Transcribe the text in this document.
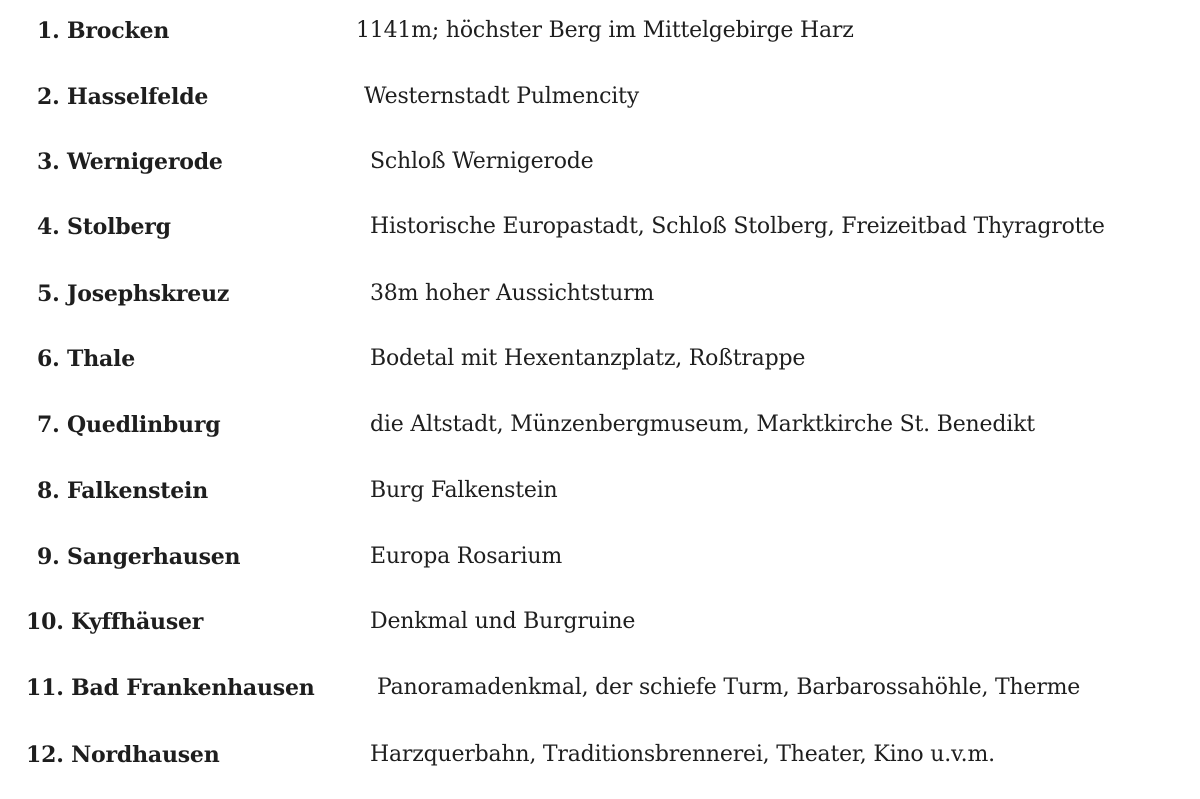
1. Brocken	1141m; höchster Berg im Mittelgebirge Harz
2. Hasselfelde	Westernstadt Pulmencity
3. Wernigerode	Schloß Wernigerode
4. Stolberg	Historische Europastadt, Schloß Stolberg, Freizeitbad Thyragrotte
5. Josephskreuz	38m hoher Aussichtsturm
6. Thale	Bodetal mit Hexentanzplatz, Roßtrappe
7. Quedlinburg	die Altstadt, Münzenbergmuseum, Marktkirche St. Benedikt
8. Falkenstein	Burg Falkenstein
9. Sangerhausen	Europa Rosarium
10. Kyffhäuser	Denkmal und Burgruine
11. Bad Frankenhausen	Panoramadenkmal, der schiefe Turm, Barbarossahöhle, Therme
12. Nordhausen	Harzquerbahn, Traditionsbrennerei, Theater, Kino u.v.m.
